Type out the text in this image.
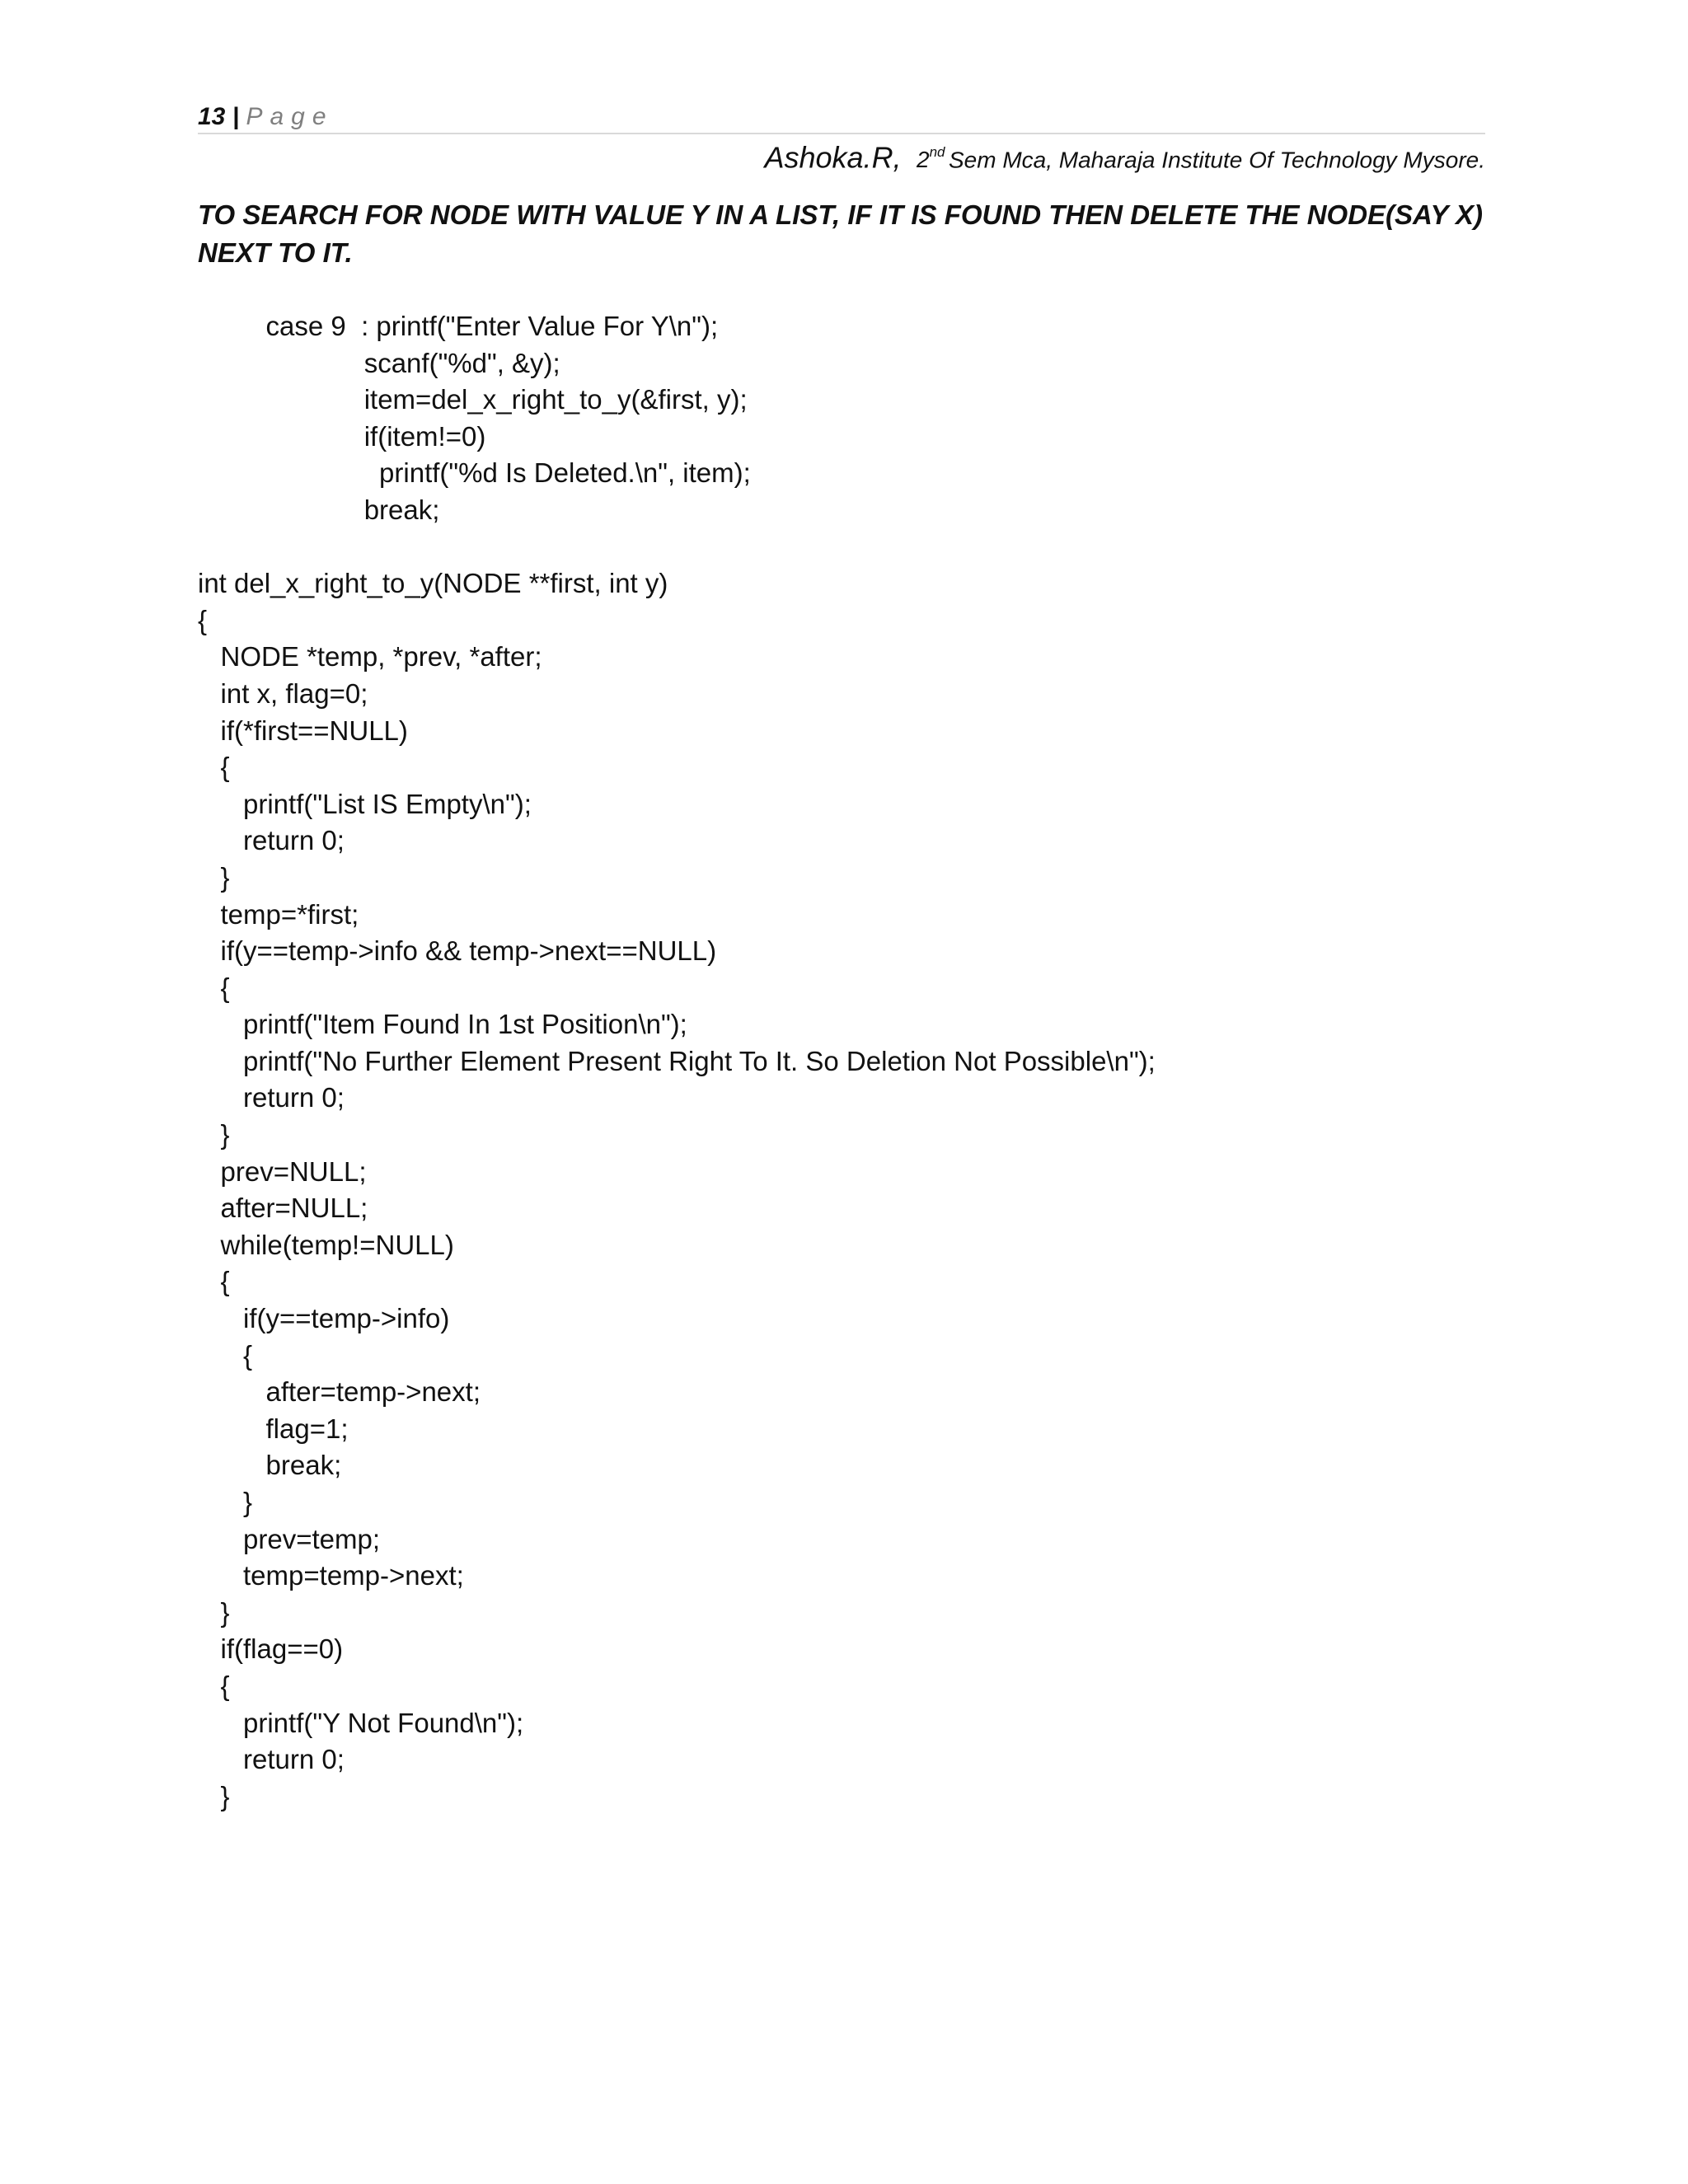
13 | Page
Ashoka.R, 2nd Sem Mca, Maharaja Institute Of Technology Mysore.
TO SEARCH FOR NODE WITH VALUE Y IN A LIST, IF IT IS FOUND THEN DELETE THE NODE(SAY X) NEXT TO IT.
case 9  : printf("Enter Value For Y\n");
scanf("%d", &y);
item=del_x_right_to_y(&first, y);
if(item!=0)
printf("%d Is Deleted.\n", item);
break;
int del_x_right_to_y(NODE **first, int y)
{
NODE *temp, *prev, *after;
int x, flag=0;
if(*first==NULL)
{
printf("List IS Empty\n");
return 0;
}
temp=*first;
if(y==temp->info && temp->next==NULL)
{
printf("Item Found In 1st Position\n");
printf("No Further Element Present Right To It. So Deletion Not Possible\n");
return 0;
}
prev=NULL;
after=NULL;
while(temp!=NULL)
{
if(y==temp->info)
{
after=temp->next;
flag=1;
break;
}
prev=temp;
temp=temp->next;
}
if(flag==0)
{
printf("Y Not Found\n");
return 0;
}
